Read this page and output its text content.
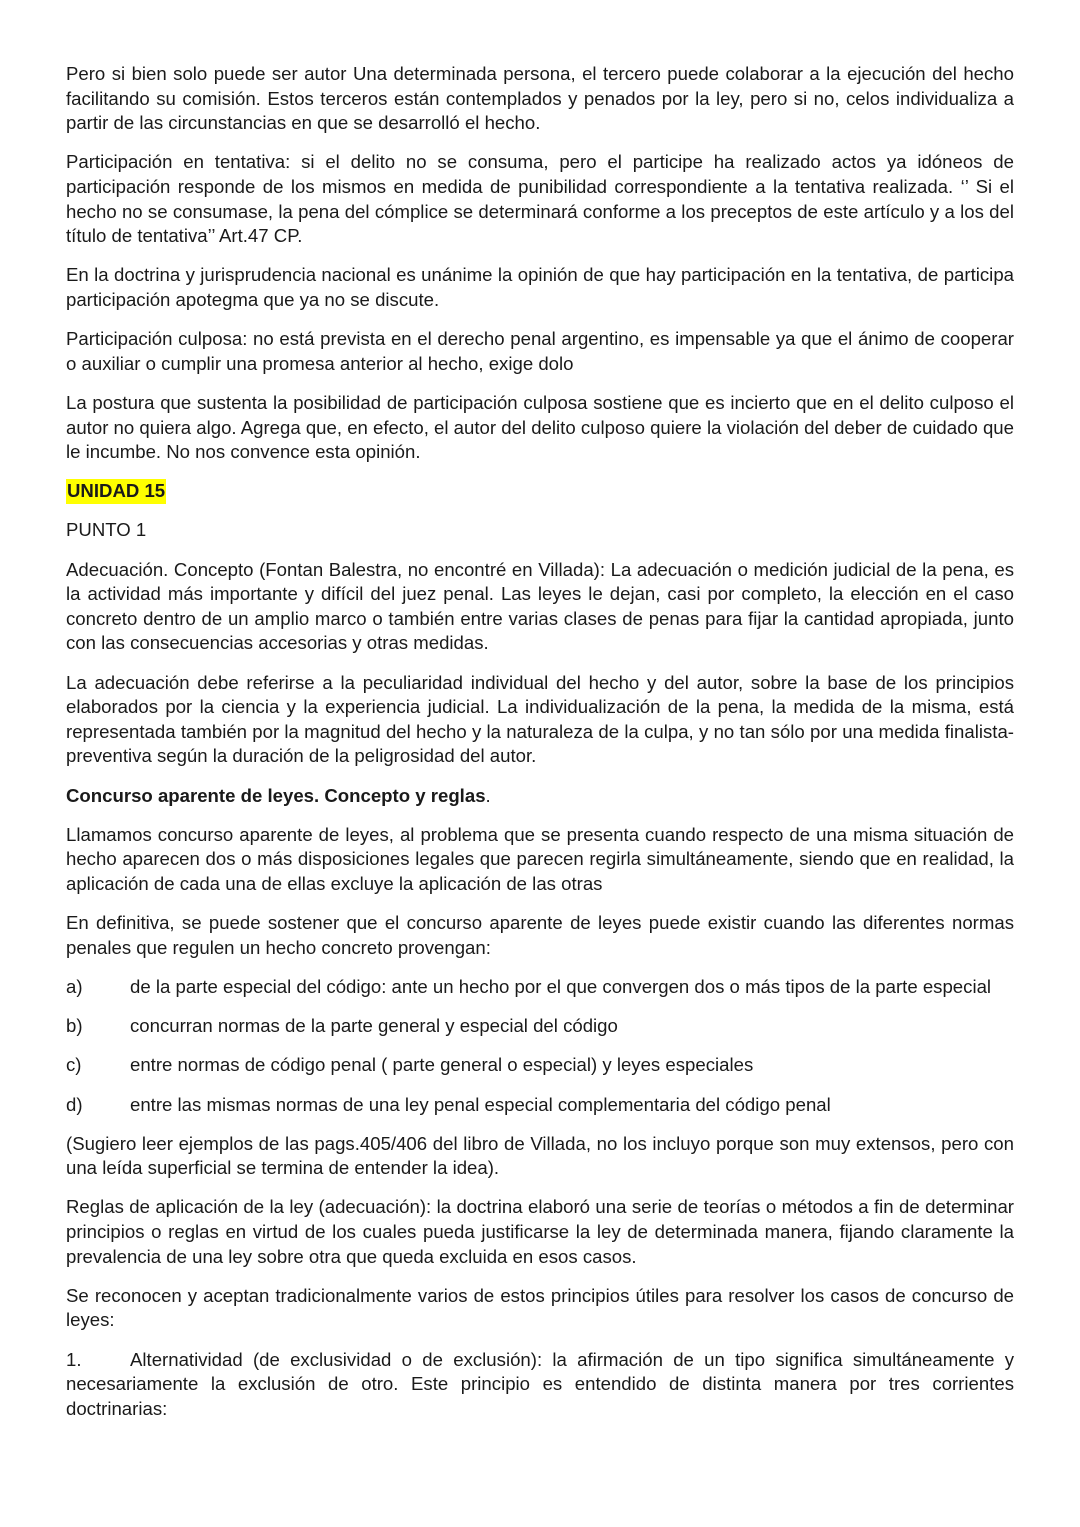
Pero si bien solo puede ser autor Una determinada persona, el tercero puede colaborar a la ejecución del hecho facilitando su comisión. Estos terceros están contemplados y penados por la ley, pero si no, celos individualiza a partir de las circunstancias en que se desarrolló el hecho.

Participación en tentativa: si el delito no se consuma, pero el participe ha realizado actos ya idóneos de participación responde de los mismos en medida de punibilidad correspondiente a la tentativa realizada. ‘’ Si el hecho no se consumase, la pena del cómplice se determinará conforme a los preceptos de este artículo y a los del título de tentativa’’ Art.47 CP.

En la doctrina y jurisprudencia nacional es unánime la opinión de que hay participación en la tentativa, de participa participación apotegma que ya no se discute.

Participación culposa: no está prevista en el derecho penal argentino, es impensable ya que el ánimo de cooperar o auxiliar o cumplir una promesa anterior al hecho, exige dolo

La postura que sustenta la posibilidad de participación culposa sostiene que es incierto que en el delito culposo el autor no quiera algo. Agrega que, en efecto, el autor del delito culposo quiere la violación del deber de cuidado que le incumbe. No nos convence esta opinión.

UNIDAD 15

PUNTO 1

Adecuación. Concepto (Fontan Balestra, no encontré en Villada): La adecuación o medición judicial de la pena, es la actividad más importante y difícil del juez penal. Las leyes le dejan, casi por completo, la elección en el caso concreto dentro de un amplio marco o también entre varias clases de penas para fijar la cantidad apropiada, junto con las consecuencias accesorias y otras medidas.

La adecuación debe referirse a la peculiaridad individual del hecho y del autor, sobre la base de los principios elaborados por la ciencia y la experiencia judicial. La individualización de la pena, la medida de la misma, está representada también por la magnitud del hecho y la naturaleza de la culpa, y no tan sólo por una medida finalista-preventiva según la duración de la peligrosidad del autor.

Concurso aparente de leyes. Concepto y reglas.

Llamamos concurso aparente de leyes, al problema que se presenta cuando respecto de una misma situación de hecho aparecen dos o más disposiciones legales que parecen regirla simultáneamente, siendo que en realidad, la aplicación de cada una de ellas excluye la aplicación de las otras

En definitiva, se puede sostener que el concurso aparente de leyes puede existir cuando las diferentes normas penales que regulen un hecho concreto provengan:

a)	de la parte especial del código: ante un hecho por el que convergen dos o más tipos de la parte especial

b)	concurran normas de la parte general y especial del código
c)	entre normas de código penal ( parte general o especial) y leyes especiales
d)	entre las mismas normas de una ley penal especial complementaria del código penal

(Sugiero leer ejemplos de las pags.405/406 del libro de Villada, no los incluyo porque son muy extensos, pero con una leída superficial se termina de entender la idea).

Reglas de aplicación de la ley (adecuación): la doctrina elaboró una serie de teorías o métodos a fin de determinar principios o reglas en virtud de los cuales pueda justificarse la ley de determinada manera, fijando claramente la prevalencia de una ley sobre otra que queda excluida en esos casos.

Se reconocen y aceptan tradicionalmente varios de estos principios útiles para resolver los casos de concurso de leyes:

1.	Alternatividad (de exclusividad o de exclusión): la afirmación de un tipo significa simultáneamente y necesariamente la exclusión de otro. Este principio es entendido de distinta manera por tres corrientes doctrinarias:
